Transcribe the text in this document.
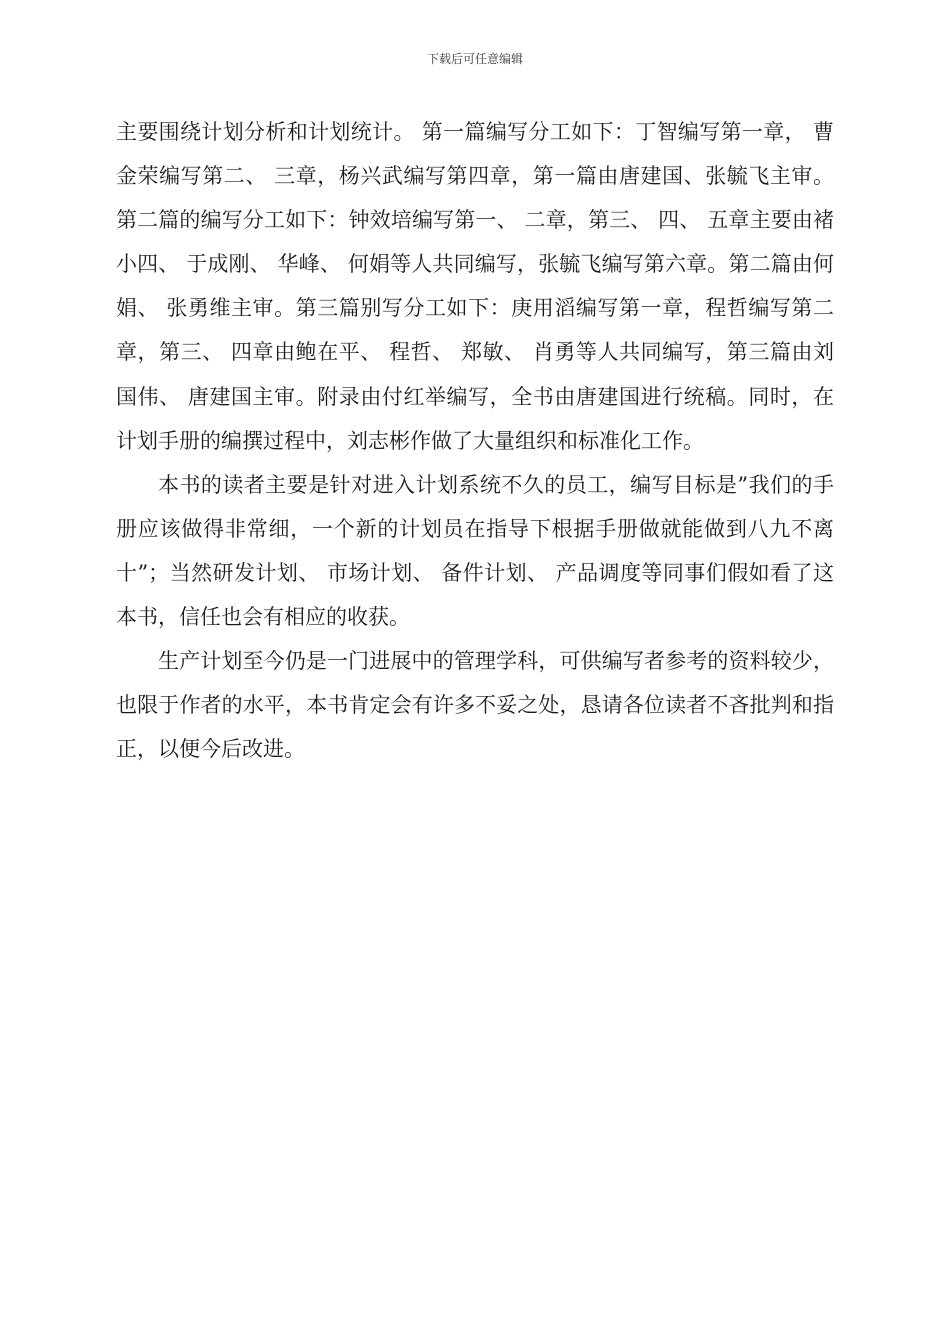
下载后可任意编辑

主要围绕计划分析和计划统计。 第一篇编写分工如下：丁智编写第一章， 曹金荣编写第二、 三章，杨兴武编写第四章，第一篇由唐建国、张毓飞主审。第二篇的编写分工如下：钟效培编写第一、 二章，第三、 四、 五章主要由褚小四、 于成刚、 华峰、 何娟等人共同编写，张毓飞编写第六章。第二篇由何娟、 张勇维主审。第三篇别写分工如下：庚用滔编写第一章，程哲编写第二章，第三、 四章由鲍在平、 程哲、 郑敏、 肖勇等人共同编写，第三篇由刘国伟、 唐建国主审。附录由付红举编写，全书由唐建国进行统稿。同时，在计划手册的编撰过程中，刘志彬作做了大量组织和标准化工作。

本书的读者主要是针对进入计划系统不久的员工，编写目标是”我们的手册应该做得非常细，一个新的计划员在指导下根据手册做就能做到八九不离十”；当然研发计划、 市场计划、 备件计划、 产品调度等同事们假如看了这本书，信任也会有相应的收获。

生产计划至今仍是一门进展中的管理学科，可供编写者参考的资料较少，也限于作者的水平，本书肯定会有许多不妥之处，恳请各位读者不吝批判和指正，以便今后改进。
